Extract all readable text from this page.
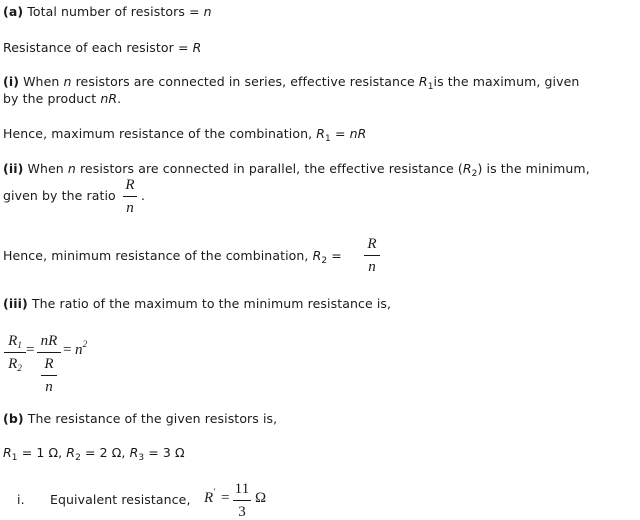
(a) Total number of resistors = n
Resistance of each resistor = R
(i) When n resistors are connected in series, effective resistance $R_1is$ the maximum, given
by the product nR.
Hence, maximum resistance of the combination, $R_1$ = nR
(ii) When n resistors are connected in parallel, the effective resistance $(R_2)$ is the minimum,
given by the ratio
R
n
.
Hence, minimum resistance of the combination, $R_2$ =
R
n
(iii) The ratio of the maximum to the minimum resistance is,
$R_1$
$R_2$
=
nR
R
n
= $n^2$
(b) The resistance of the given resistors is,
$R_1 = 1$ Ω, $R_2 = 2$ Ω, $R_3 = 3$ Ω
i. Equivalent resistance, R' =
11
3
Ω
